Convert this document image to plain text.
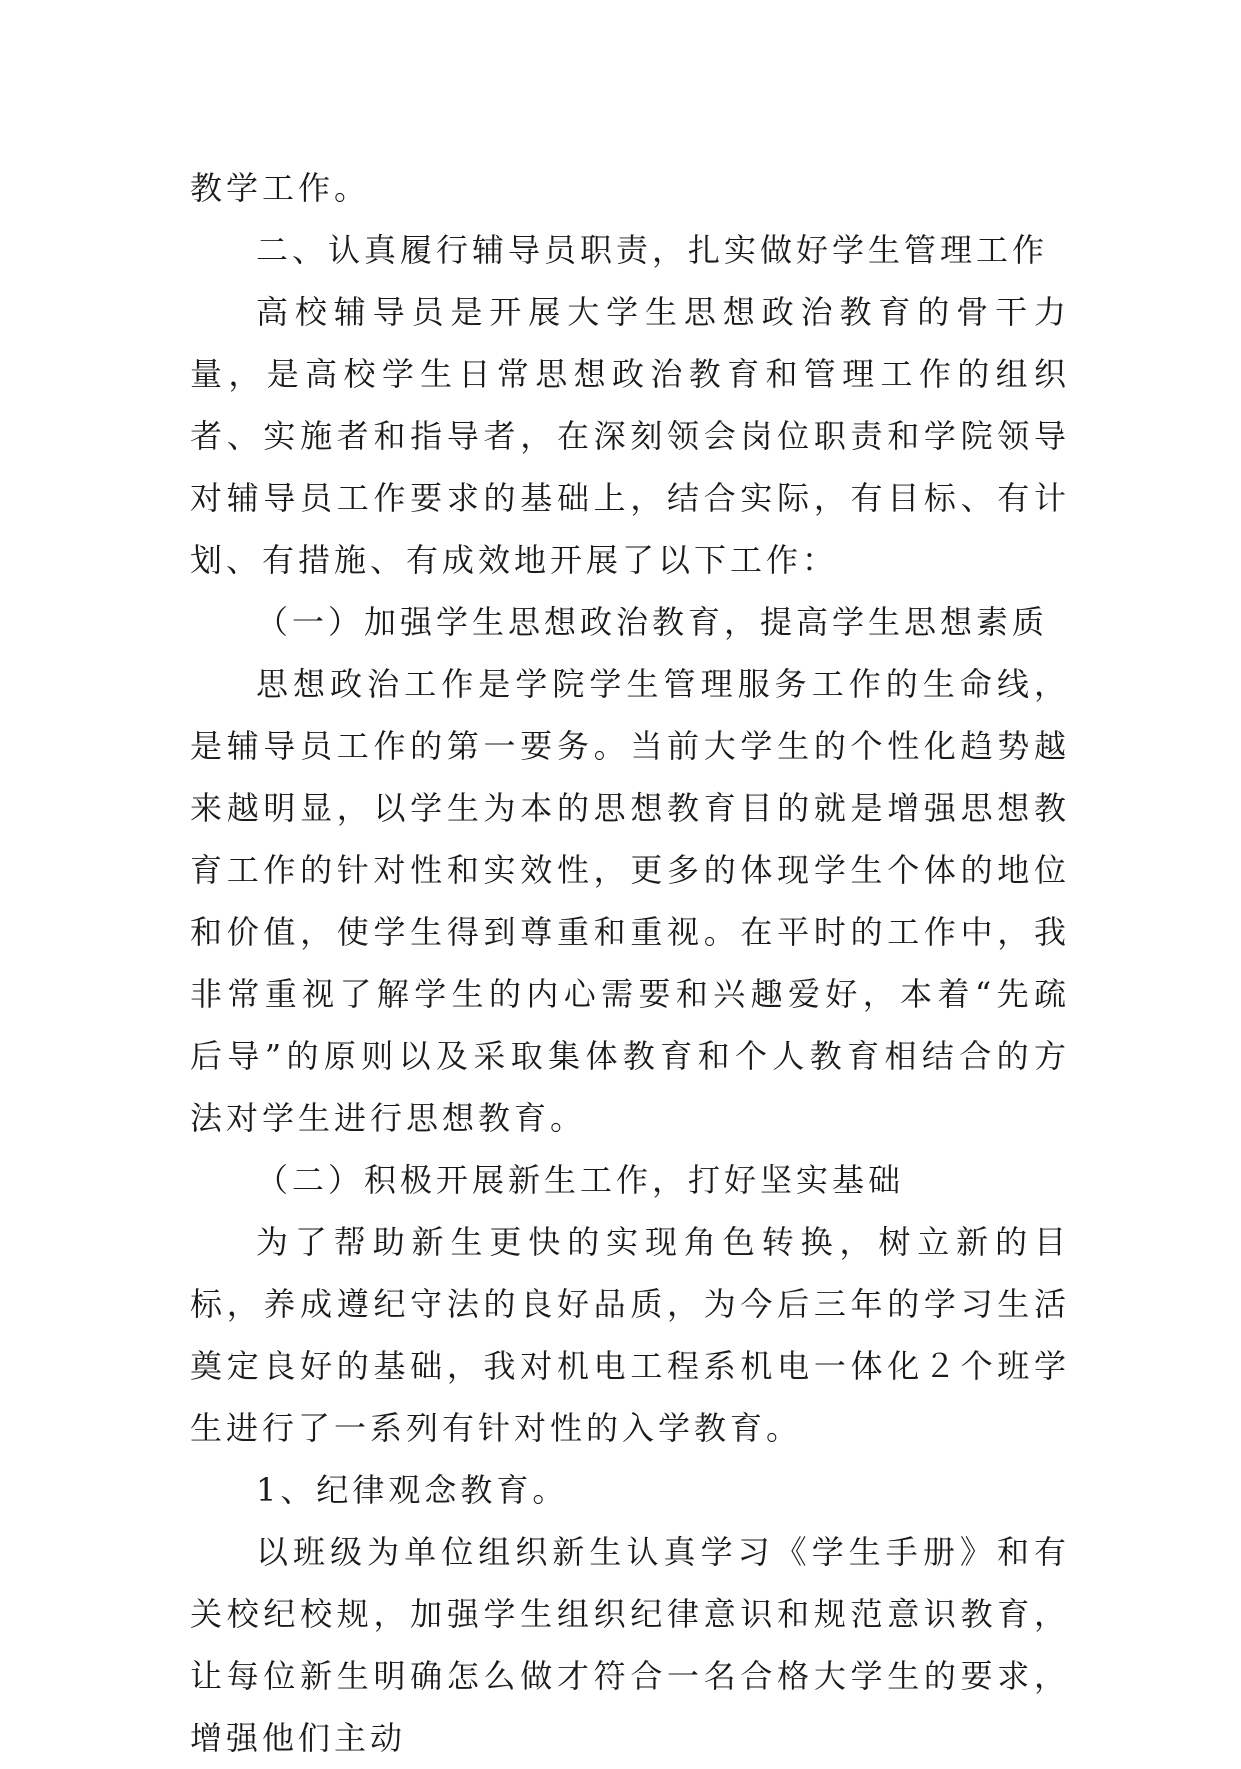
教学工作。

二、认真履行辅导员职责，扎实做好学生管理工作

高校辅导员是开展大学生思想政治教育的骨干力量，是高校学生日常思想政治教育和管理工作的组织者、实施者和指导者，在深刻领会岗位职责和学院领导对辅导员工作要求的基础上，结合实际，有目标、有计划、有措施、有成效地开展了以下工作：

（一）加强学生思想政治教育，提高学生思想素质

思想政治工作是学院学生管理服务工作的生命线，是辅导员工作的第一要务。当前大学生的个性化趋势越来越明显，以学生为本的思想教育目的就是增强思想教育工作的针对性和实效性，更多的体现学生个体的地位和价值，使学生得到尊重和重视。在平时的工作中，我非常重视了解学生的内心需要和兴趣爱好，本着“先疏后导”的原则以及采取集体教育和个人教育相结合的方法对学生进行思想教育。

（二）积极开展新生工作，打好坚实基础

为了帮助新生更快的实现角色转换，树立新的目标，养成遵纪守法的良好品质，为今后三年的学习生活奠定良好的基础，我对机电工程系机电一体化２个班学生进行了一系列有针对性的入学教育。

1、纪律观念教育。

以班级为单位组织新生认真学习《学生手册》和有关校纪校规，加强学生组织纪律意识和规范意识教育，让每位新生明确怎么做才符合一名合格大学生的要求，增强他们主动
